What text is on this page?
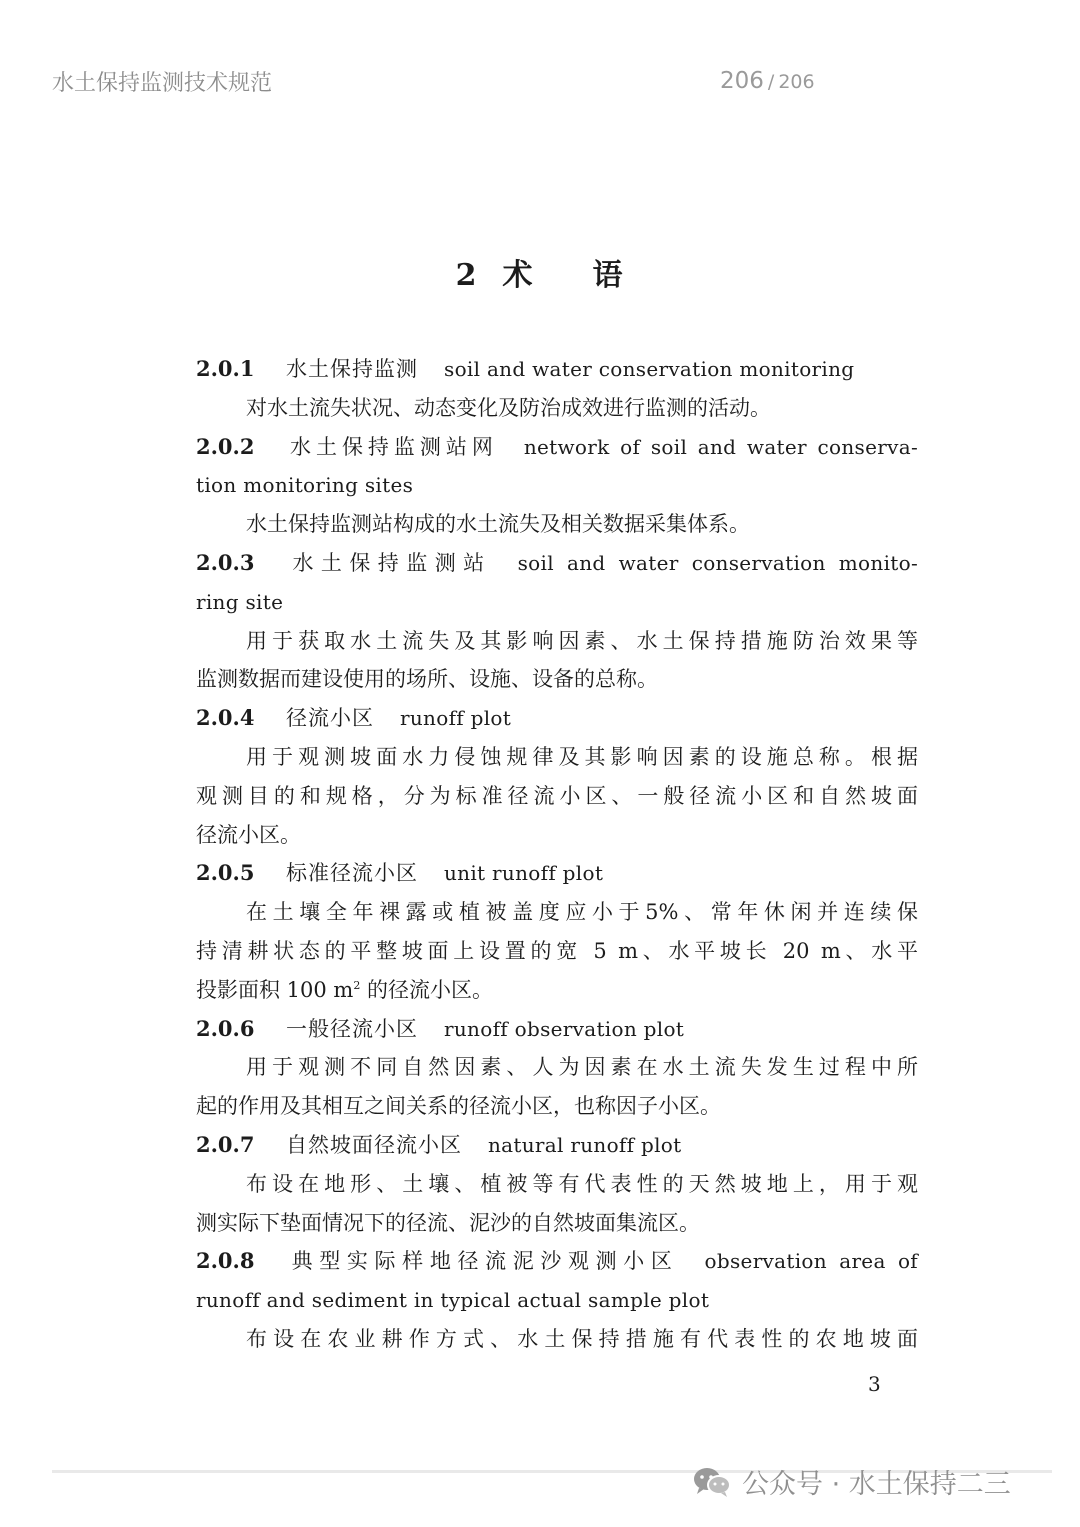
水土保持监测技术规范	206 / 206
2 术 语
2.0.1 水土保持监测 soil and water conservation monitoring
对水土流失状况、动态变化及防治成效进行监测的活动。
2.0.2 水土保持监测站网 network of soil and water conserva-
tion monitoring sites
水土保持监测站构成的水土流失及相关数据采集体系。
2.0.3 水土保持监测站 soil and water conservation monito-
ring site
用于获取水土流失及其影响因素、水土保持措施防治效果等
监测数据而建设使用的场所、设施、设备的总称。
2.0.4 径流小区 runoff plot
用于观测坡面水力侵蚀规律及其影响因素的设施总称。根据
观测目的和规格，分为标准径流小区、一般径流小区和自然坡面
径流小区。
2.0.5 标准径流小区 unit runoff plot
在土壤全年裸露或植被盖度应小于5%、常年休闲并连续保
持清耕状态的平整坡面上设置的宽 5 m、水平坡长 20 m、水平
投影面积 100 $m^2$ 的径流小区。
2.0.6 一般径流小区 runoff observation plot
用于观测不同自然因素、人为因素在水土流失发生过程中所
起的作用及其相互之间关系的径流小区，也称因子小区。
2.0.7 自然坡面径流小区 natural runoff plot
布设在地形、土壤、植被等有代表性的天然坡地上，用于观
测实际下垫面情况下的径流、泥沙的自然坡面集流区。
2.0.8 典型实际样地径流泥沙观测小区 observation area of
runoff and sediment in typical actual sample plot
布设在农业耕作方式、水土保持措施有代表性的农地坡面
3
公众号 · 水土保持二三
